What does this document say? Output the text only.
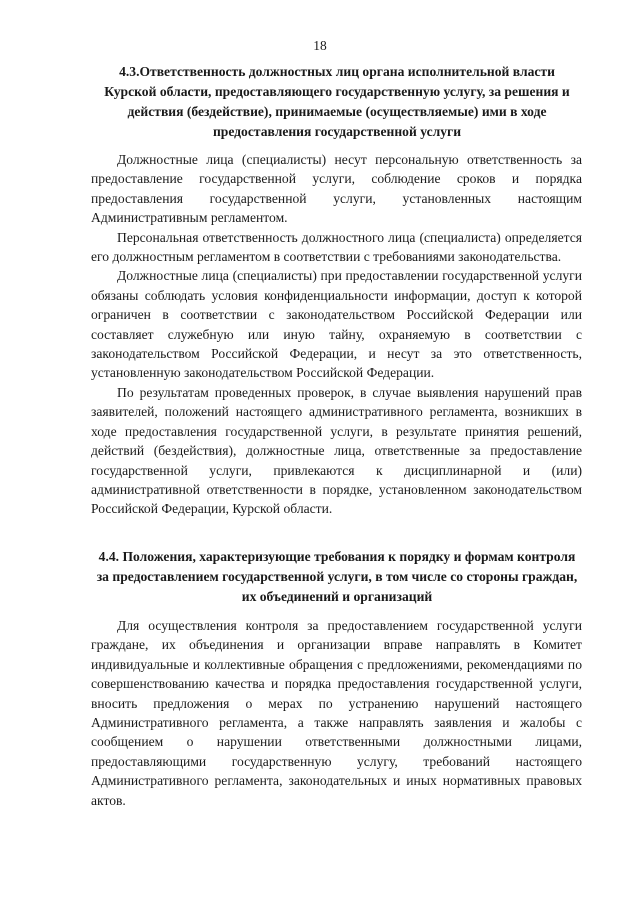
18
4.3.Ответственность должностных лиц органа исполнительной власти Курской области, предоставляющего государственную услугу, за решения и действия (бездействие), принимаемые (осуществляемые) ими в ходе предоставления государственной услуги

Должностные лица (специалисты) несут персональную ответственность за предоставление государственной услуги, соблюдение сроков и порядка предоставления государственной услуги, установленных настоящим Административным регламентом.

Персональная ответственность должностного лица (специалиста) определяется его должностным регламентом в соответствии с требованиями законодательства.

Должностные лица (специалисты) при предоставлении государственной услуги обязаны соблюдать условия конфиденциальности информации, доступ к которой ограничен в соответствии с законодательством Российской Федерации или составляет служебную или иную тайну, охраняемую в соответствии с законодательством Российской Федерации, и несут за это ответственность, установленную законодательством Российской Федерации.

По результатам проведенных проверок, в случае выявления нарушений прав заявителей, положений настоящего административного регламента, возникших в ходе предоставления государственной услуги, в результате принятия решений, действий (бездействия), должностные лица, ответственные за предоставление государственной услуги, привлекаются к дисциплинарной и (или) административной ответственности в порядке, установленном законодательством Российской Федерации, Курской области.

4.4. Положения, характеризующие требования к порядку и формам контроля за предоставлением государственной услуги, в том числе со стороны граждан, их объединений и организаций

Для осуществления контроля за предоставлением государственной услуги граждане, их объединения и организации вправе направлять в Комитет индивидуальные и коллективные обращения с предложениями, рекомендациями по совершенствованию качества и порядка предоставления государственной услуги, вносить предложения о мерах по устранению нарушений настоящего Административного регламента, а также направлять заявления и жалобы с сообщением о нарушении ответственными должностными лицами, предоставляющими государственную услугу, требований настоящего Административного регламента, законодательных и иных нормативных правовых актов.
